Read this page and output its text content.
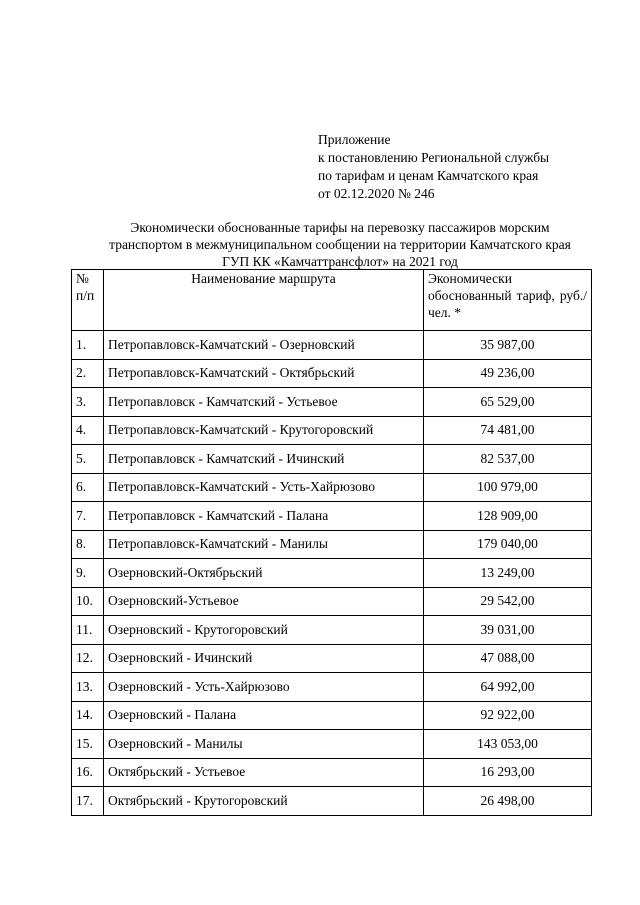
Приложение
к постановлению Региональной службы
по тарифам и ценам Камчатского края
от 02.12.2020 № 246
Экономически обоснованные тарифы на перевозку пассажиров морским
транспортом в межмуниципальном сообщении на территории Камчатского края
ГУП КК «Камчаттрансфлот» на 2021 год
№
п/п	Наименование маршрута	Экономически обоснованный тариф, руб./чел. *

1.	Петропавловск-Камчатский - Озерновский	35 987,00
2.	Петропавловск-Камчатский - Октябрьский	49 236,00
3.	Петропавловск - Камчатский - Устьевое	65 529,00
4.	Петропавловск-Камчатский - Крутогоровский	74 481,00
5.	Петропавловск - Камчатский - Ичинский	82 537,00
6.	Петропавловск-Камчатский - Усть-Хайрюзово	100 979,00
7.	Петропавловск - Камчатский - Палана	128 909,00
8.	Петропавловск-Камчатский - Манилы	179 040,00
9.	Озерновский-Октябрьский	13 249,00
10.	Озерновский-Устьевое	29 542,00
11.	Озерновский - Крутогоровский	39 031,00
12.	Озерновский - Ичинский	47 088,00
13.	Озерновский - Усть-Хайрюзово	64 992,00
14.	Озерновский - Палана	92 922,00
15.	Озерновский - Манилы	143 053,00
16.	Октябрьский - Устьевое	16 293,00
17.	Октябрьский - Крутогоровский	26 498,00
